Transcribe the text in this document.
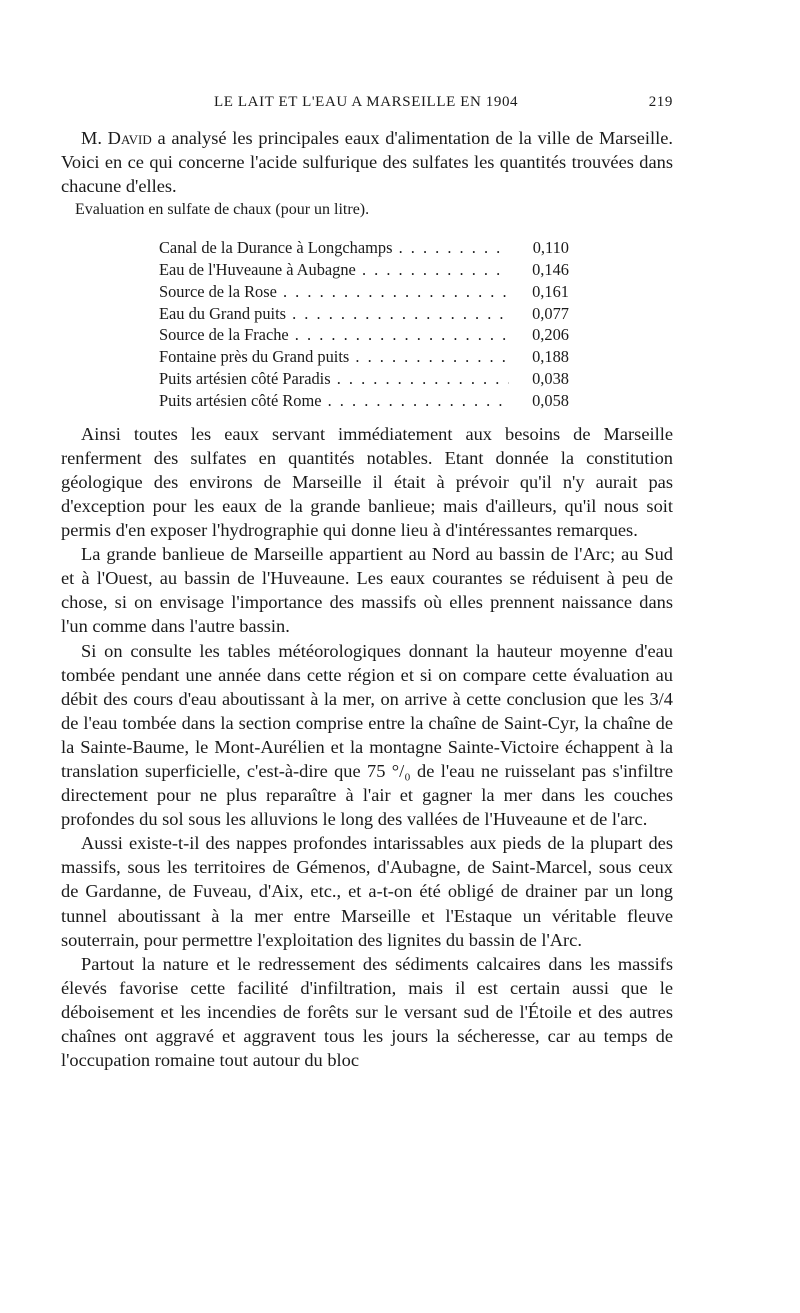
LE LAIT ET L'EAU A MARSEILLE EN 1904	219

M. David a analysé les principales eaux d'alimentation de la ville de Marseille. Voici en ce qui concerne l'acide sulfurique des sulfates les quantités trouvées dans chacune d'elles.

Evaluation en sulfate de chaux (pour un litre).

Canal de la Durance à Longchamps . . .	0,110
Eau de l'Huveaune à Aubagne . . .	0,146
Source de la Rose . . .	0,161
Eau du Grand puits . . .	0,077
Source de la Frache . . .	0,206
Fontaine près du Grand puits . . .	0,188
Puits artésien côté Paradis . . .	0,038
Puits artésien côté Rome . . .	0,058

Ainsi toutes les eaux servant immédiatement aux besoins de Marseille renferment des sulfates en quantités notables. Etant donnée la constitution géologique des environs de Marseille il était à prévoir qu'il n'y aurait pas d'exception pour les eaux de la grande banlieue; mais d'ailleurs, qu'il nous soit permis d'en exposer l'hydrographie qui donne lieu à d'intéressantes remarques.

La grande banlieue de Marseille appartient au Nord au bassin de l'Arc; au Sud et à l'Ouest, au bassin de l'Huveaune. Les eaux courantes se réduisent à peu de chose, si on envisage l'importance des massifs où elles prennent naissance dans l'un comme dans l'autre bassin.

Si on consulte les tables météorologiques donnant la hauteur moyenne d'eau tombée pendant une année dans cette région et si on compare cette évaluation au débit des cours d'eau aboutissant à la mer, on arrive à cette conclusion que les 3/4 de l'eau tombée dans la section comprise entre la chaîne de Saint-Cyr, la chaîne de la Sainte-Baume, le Mont-Aurélien et la montagne Sainte-Victoire échappent à la translation superficielle, c'est-à-dire que 75 °/₀ de l'eau ne ruisselant pas s'infiltre directement pour ne plus reparaître à l'air et gagner la mer dans les couches profondes du sol sous les alluvions le long des vallées de l'Huveaune et de l'arc.

Aussi existe-t-il des nappes profondes intarissables aux pieds de la plupart des massifs, sous les territoires de Gémenos, d'Aubagne, de Saint-Marcel, sous ceux de Gardanne, de Fuveau, d'Aix, etc., et a-t-on été obligé de drainer par un long tunnel aboutissant à la mer entre Marseille et l'Estaque un véritable fleuve souterrain, pour permettre l'exploitation des lignites du bassin de l'Arc.

Partout la nature et le redressement des sédiments calcaires dans les massifs élevés favorise cette facilité d'infiltration, mais il est certain aussi que le déboisement et les incendies de forêts sur le versant sud de l'Étoile et des autres chaînes ont aggravé et aggravent tous les jours la sécheresse, car au temps de l'occupation romaine tout autour du bloc
